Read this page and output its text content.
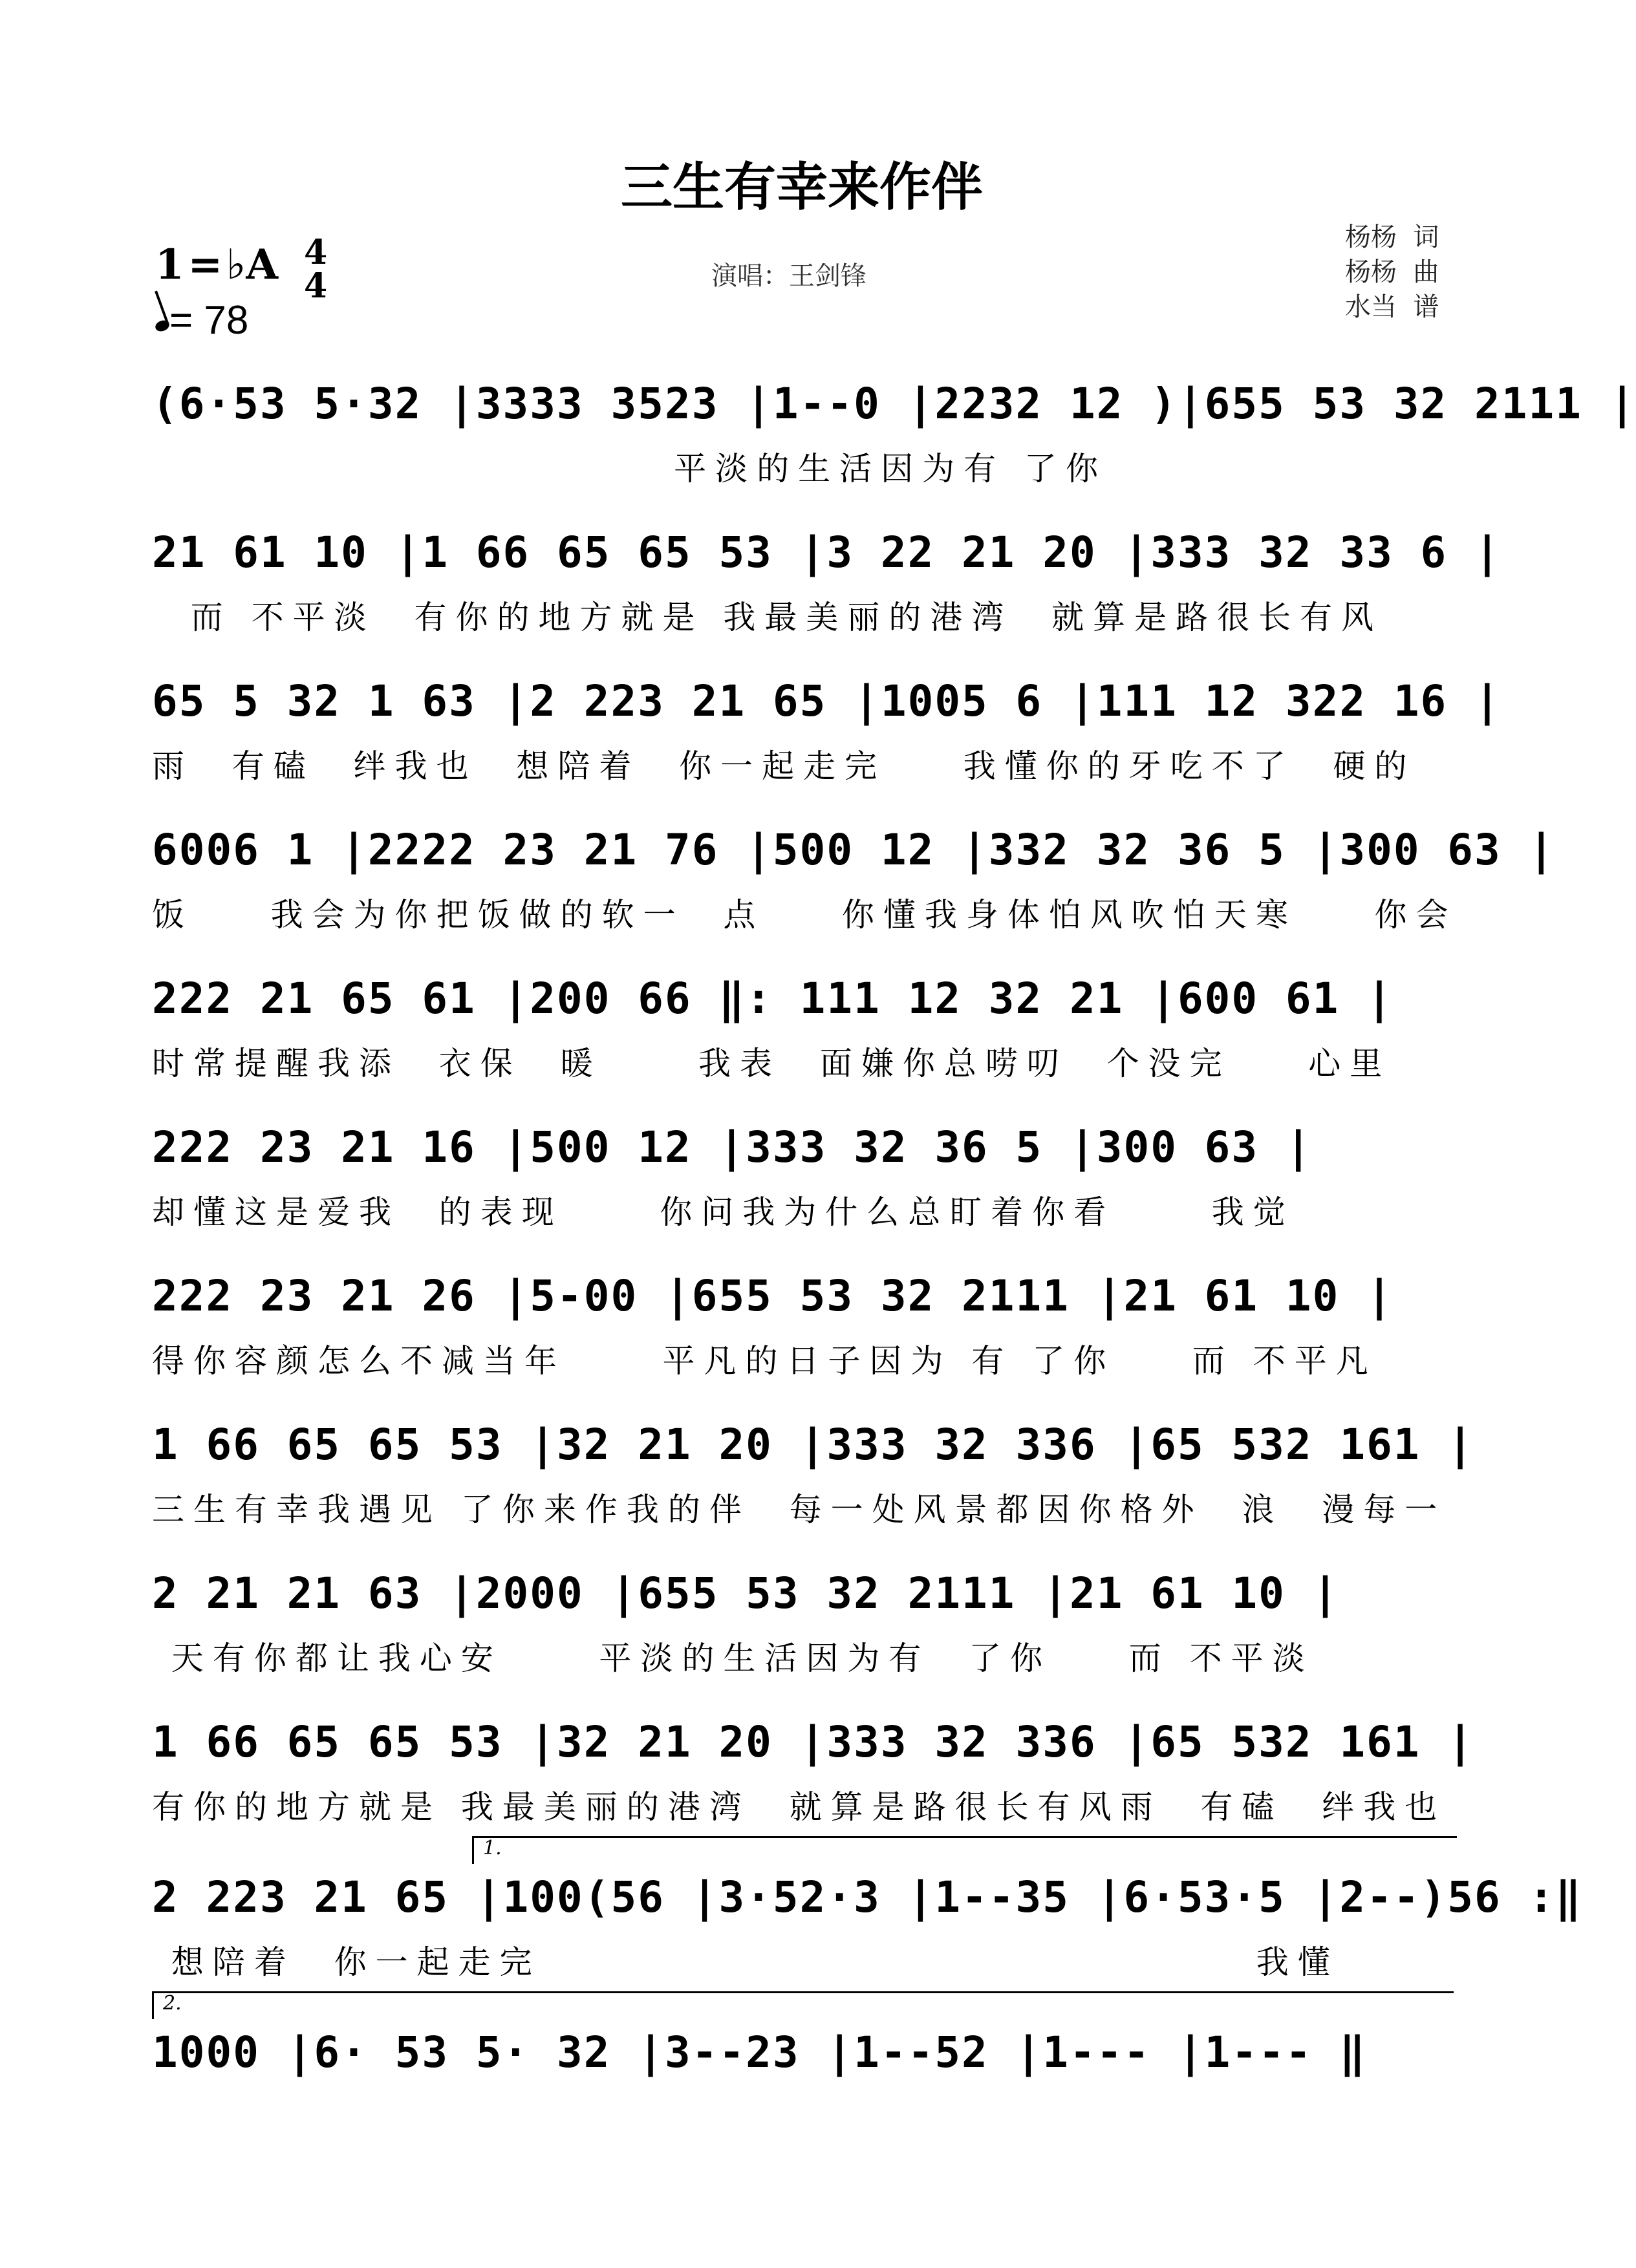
三生有幸来作伴
1=♭A 4
4
= 78
演唱：王剑锋
杨杨  词
杨杨  曲
水当  谱
(6·53 5·32 |3333 3523 |1--0 |2232 12 )|655 53 32 2111 |
平淡的生活因为有 了你
21 61 10 |1 66 65 65 53 |3 22 21 20 |333 32 33 6 |
而 不平淡  有你的地方就是 我最美丽的港湾  就算是路很长有风
65 5 32 1 63 |2 223 21 65 |1005 6 |111 12 322 16 |
雨  有磕  绊我也  想陪着  你一起走完    我懂你的牙吃不了  硬的
6006 1 |2222 23 21 76 |500 12 |332 32 36 5 |300 63 |
饭    我会为你把饭做的软一  点    你懂我身体怕风吹怕天寒    你会
222 21 65 61 |200 66 ‖: 111 12 32 21 |600 61 |
时常提醒我添  衣保  暖     我表  面嫌你总唠叨  个没完    心里
222 23 21 16 |500 12 |333 32 36 5 |300 63 |
却懂这是爱我  的表现     你问我为什么总盯着你看     我觉
222 23 21 26 |5-00 |655 53 32 2111 |21 61 10 |
得你容颜怎么不减当年     平凡的日子因为 有 了你    而 不平凡
1 66 65 65 53 |32 21 20 |333 32 336 |65 532 161 |
三生有幸我遇见 了你来作我的伴  每一处风景都因你格外  浪  漫每一
2 21 21 63 |2000 |655 53 32 2111 |21 61 10 |
天有你都让我心安     平淡的生活因为有  了你    而 不平淡
1 66 65 65 53 |32 21 20 |333 32 336 |65 532 161 |
有你的地方就是 我最美丽的港湾  就算是路很长有风雨  有磕  绊我也
1.
2 223 21 65 |100(56 |3·52·3 |1--35 |6·53·5 |2--)56 :‖
想陪着  你一起走完                                     我懂
2.
1000 |6· 53 5· 32 |3--23 |1--52 |1--- |1--- ‖
